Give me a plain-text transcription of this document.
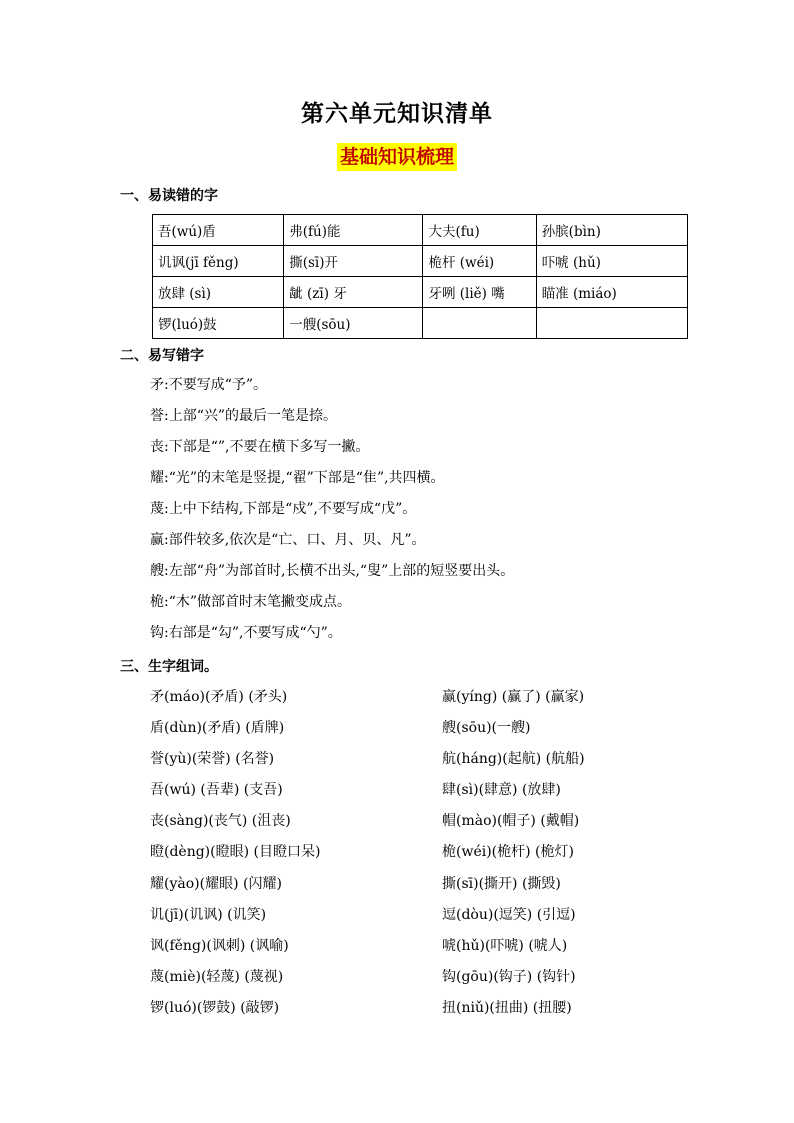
第六单元知识清单
基础知识梳理
一、易读错的字
吾(wú)盾	弗(fú)能	大夫(fu)	孙膑(bìn)
讥讽(jī fěng)	撕(sī)开	桅杆 (wéi)	吓唬 (hǔ)
放肆 (sì)	龇 (zī) 牙	牙咧 (liě) 嘴	瞄准 (miáo)
锣(luó)鼓	一艘(sōu)		
二、易写错字
矛:不要写成“予”。
誉:上部“兴”的最后一笔是捺。
丧:下部是“”,不要在横下多写一撇。
耀:“光”的末笔是竖提,“翟”下部是“隹”,共四横。
蔑:上中下结构,下部是“戍”,不要写成“戊”。
赢:部件较多,依次是“亡、口、月、贝、凡”。
艘:左部“舟”为部首时,长横不出头,“叟”上部的短竖要出头。
桅:“木”做部首时末笔撇变成点。
钩:右部是“勾”,不要写成“勺”。
三、生字组词。
矛(máo)(矛盾) (矛头)
盾(dùn)(矛盾) (盾牌)
誉(yù)(荣誉) (名誉)
吾(wú) (吾辈) (支吾)
丧(sàng)(丧气) (沮丧)
瞪(dèng)(瞪眼) (目瞪口呆)
耀(yào)(耀眼) (闪耀)
讥(jī)(讥讽) (讥笑)
讽(fěng)(讽刺) (讽喻)
蔑(miè)(轻蔑) (蔑视)
锣(luó)(锣鼓) (敲锣)
赢(yíng) (赢了) (赢家)
艘(sōu)(一艘)
航(háng)(起航) (航船)
肆(sì)(肆意) (放肆)
帽(mào)(帽子) (戴帽)
桅(wéi)(桅杆) (桅灯)
撕(sī)(撕开) (撕毁)
逗(dòu)(逗笑) (引逗)
唬(hǔ)(吓唬) (唬人)
钩(gōu)(钩子) (钩针)
扭(niǔ)(扭曲) (扭腰)
